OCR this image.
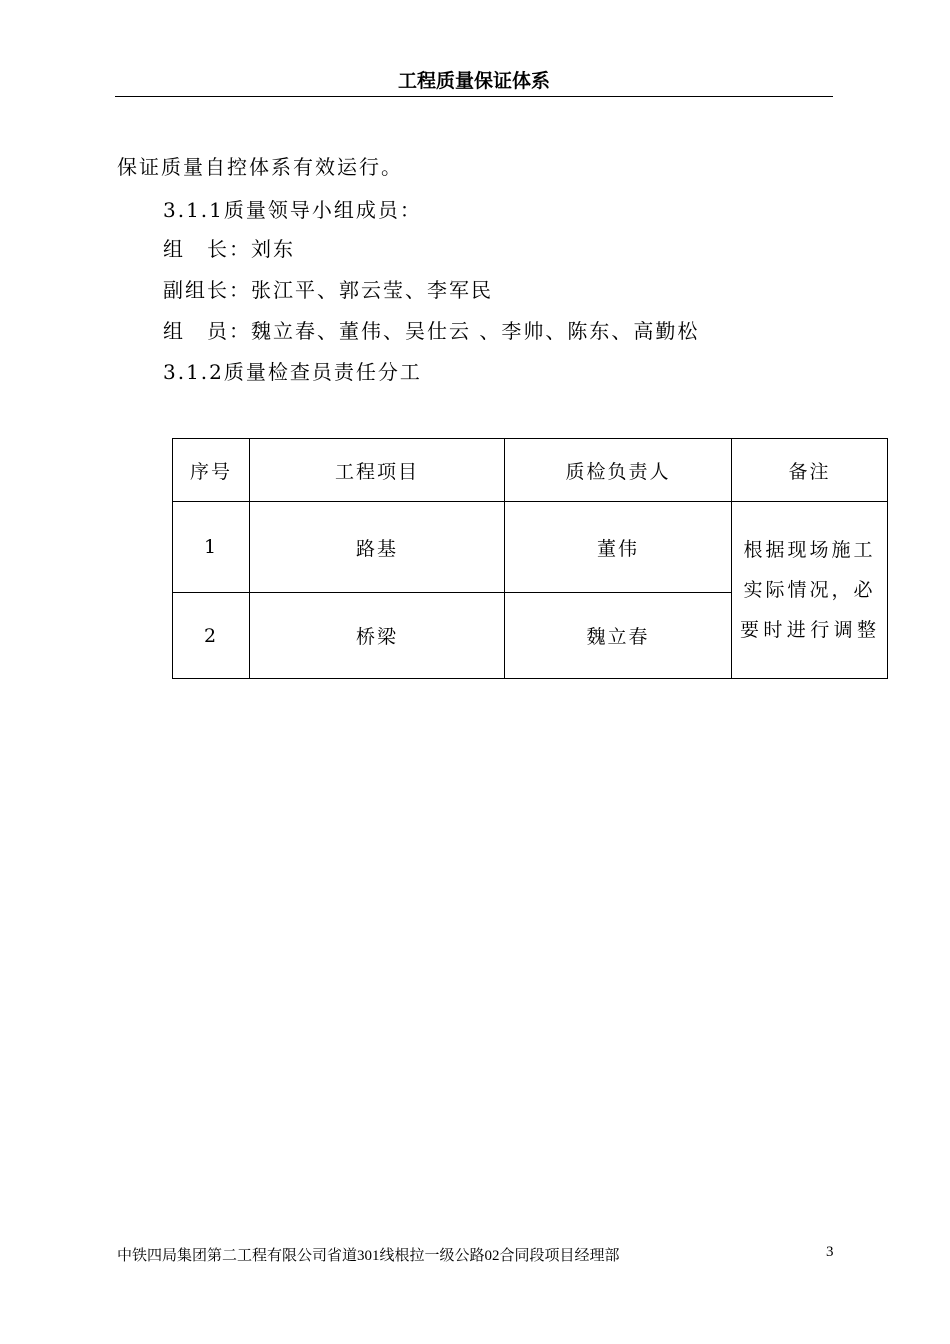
工程质量保证体系
保证质量自控体系有效运行。
3.1.1质量领导小组成员：
组　长：刘东
副组长：张江平、郭云莹、李军民
组　员：魏立春、董伟、吴仕云 、李帅、陈东、高勤松
3.1.2质量检查员责任分工
序号	工程项目	质检负责人	备注
1	路基	董伟	根据现场施工实际情况，必要时进行调整
2	桥梁	魏立春	
中铁四局集团第二工程有限公司省道301线根拉一级公路02合同段项目经理部	3
